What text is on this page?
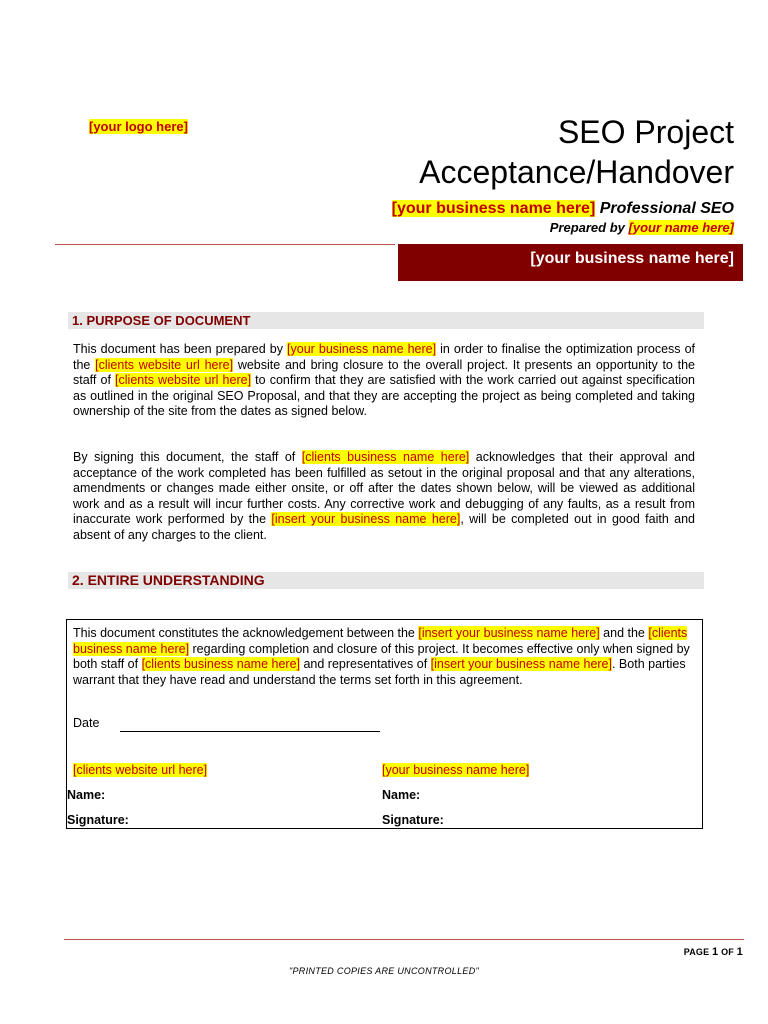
[your logo here]	SEO Project
Acceptance/Handover
[your business name here] Professional SEO
Prepared by [your name here]
[your business name here]
1. PURPOSE OF DOCUMENT
This document has been prepared by [your business name here] in order to finalise the optimization process of the [clients website url here] website and bring closure to the overall project. It presents an opportunity to the staff of [clients website url here] to confirm that they are satisfied with the work carried out against specification as outlined in the original SEO Proposal, and that they are accepting the project as being completed and taking ownership of the site from the dates as signed below.
By signing this document, the staff of [clients business name here] acknowledges that their approval and acceptance of the work completed has been fulfilled as setout in the original proposal and that any alterations, amendments or changes made either onsite, or off after the dates shown below, will be viewed as additional work and as a result will incur further costs. Any corrective work and debugging of any faults, as a result from inaccurate work performed by the [insert your business name here], will be completed out in good faith and absent of any charges to the client.
2. ENTIRE UNDERSTANDING
This document constitutes the acknowledgement between the [insert your business name here] and the [clients business name here] regarding completion and closure of this project. It becomes effective only when signed by both staff of [clients business name here] and representatives of [insert your business name here]. Both parties warrant that they have read and understand the terms set forth in this agreement.
Date
[clients website url here]	[your business name here]
Name:	Name:
Signature:	Signature:
PAGE 1 OF 1
"PRINTED COPIES ARE UNCONTROLLED"
